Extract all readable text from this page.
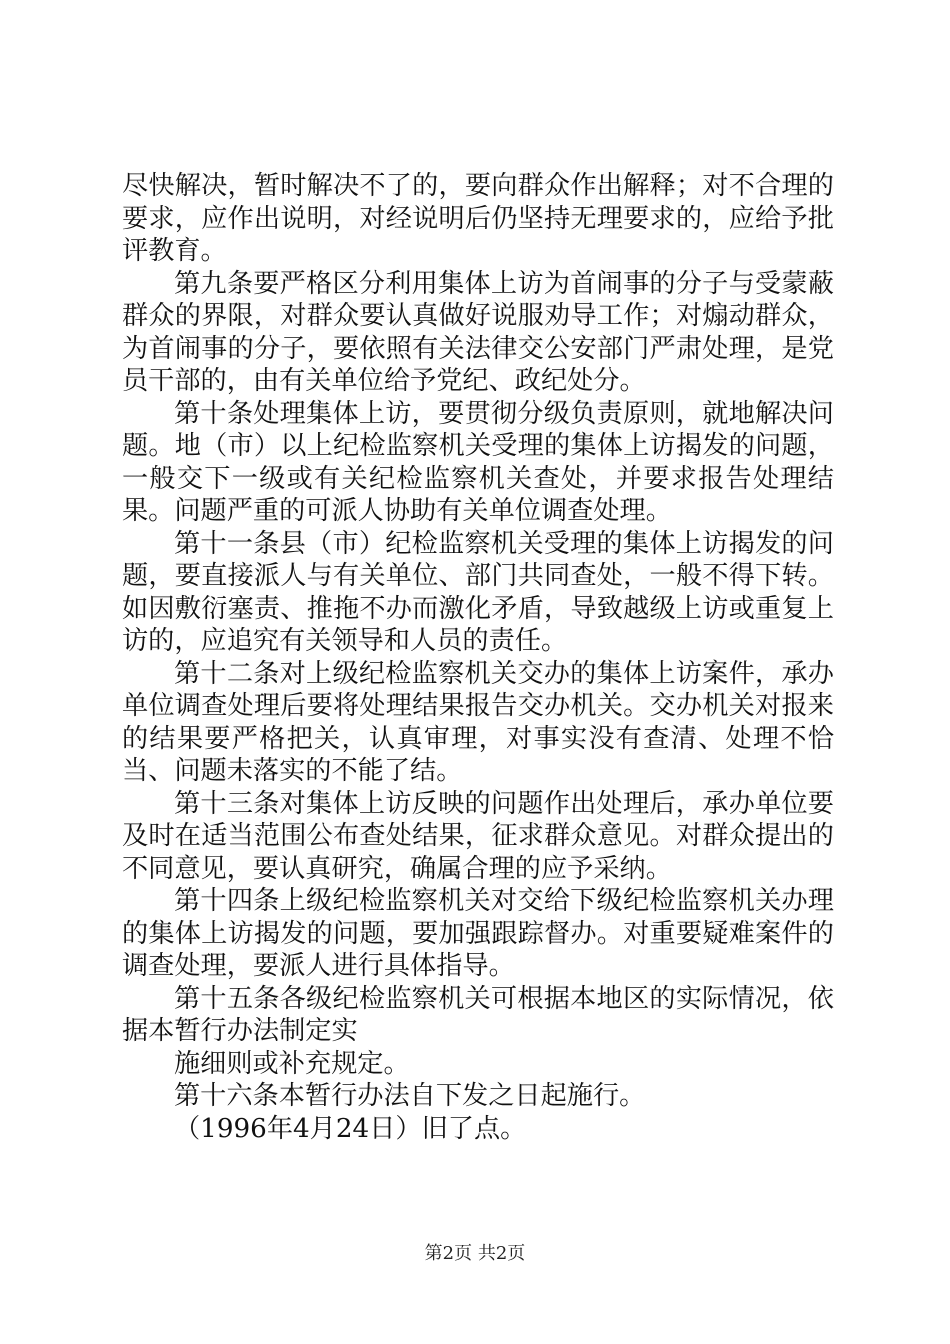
尽快解决，暂时解决不了的，要向群众作出解释；对不合理的要求，应作出说明，对经说明后仍坚持无理要求的，应给予批评教育。

第九条要严格区分利用集体上访为首闹事的分子与受蒙蔽群众的界限，对群众要认真做好说服劝导工作；对煽动群众，为首闹事的分子，要依照有关法律交公安部门严肃处理，是党员干部的，由有关单位给予党纪、政纪处分。

第十条处理集体上访，要贯彻分级负责原则，就地解决问题。地（市）以上纪检监察机关受理的集体上访揭发的问题，一般交下一级或有关纪检监察机关查处，并要求报告处理结果。问题严重的可派人协助有关单位调查处理。

第十一条县（市）纪检监察机关受理的集体上访揭发的问题，要直接派人与有关单位、部门共同查处，一般不得下转。如因敷衍塞责、推拖不办而激化矛盾，导致越级上访或重复上访的，应追究有关领导和人员的责任。

第十二条对上级纪检监察机关交办的集体上访案件，承办单位调查处理后要将处理结果报告交办机关。交办机关对报来的结果要严格把关，认真审理，对事实没有查清、处理不恰当、问题未落实的不能了结。

第十三条对集体上访反映的问题作出处理后，承办单位要及时在适当范围公布查处结果，征求群众意见。对群众提出的不同意见，要认真研究，确属合理的应予采纳。

第十四条上级纪检监察机关对交给下级纪检监察机关办理的集体上访揭发的问题，要加强跟踪督办。对重要疑难案件的调查处理，要派人进行具体指导。

第十五条各级纪检监察机关可根据本地区的实际情况，依据本暂行办法制定实

施细则或补充规定。

第十六条本暂行办法自下发之日起施行。

（1996年4月24日）旧了点。

第2页 共2页
